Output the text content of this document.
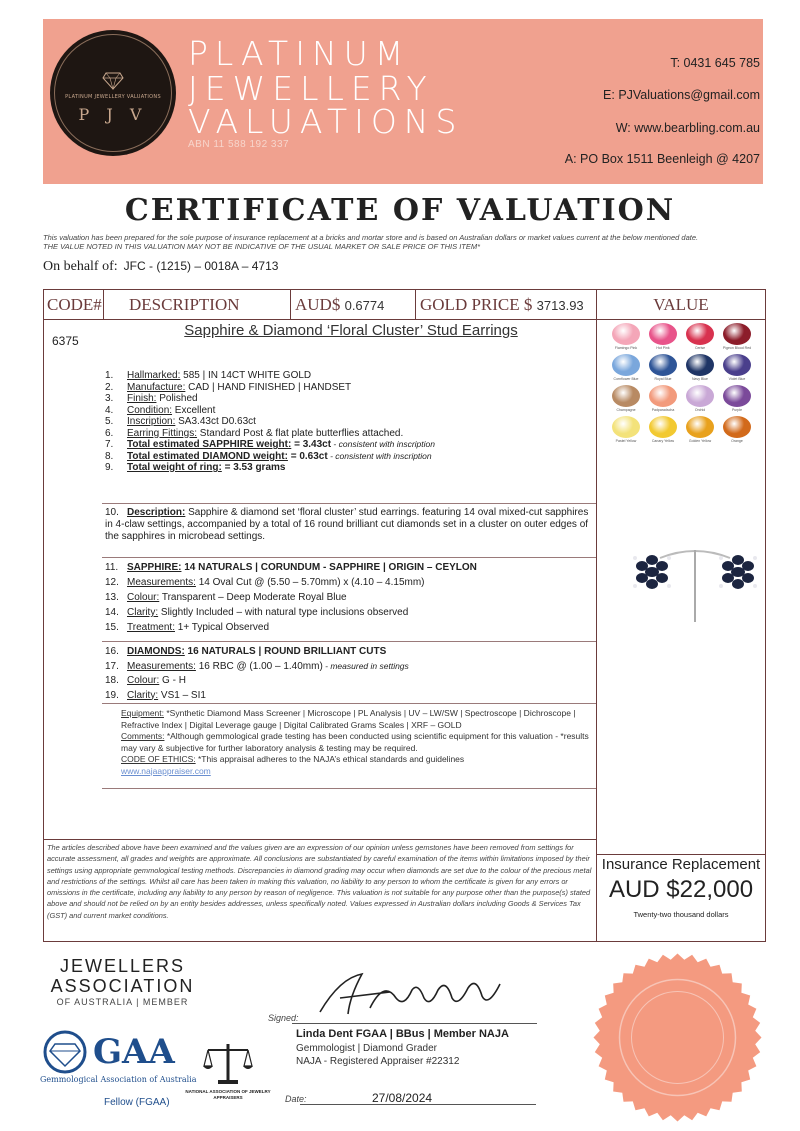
PLATINUM JEWELLERY VALUATIONS
P J V
PLATINUM
JEWELLERY
VALUATIONS
ABN 11 588 192 337
T: 0431 645 785
E: PJValuations@gmail.com
W: www.bearbling.com.au
A: PO Box 1511 Beenleigh @ 4207
CERTIFICATE OF VALUATION
This valuation has been prepared for the sole purpose of insurance replacement at a bricks and mortar store and is based on Australian dollars or market values current at the below mentioned date.
THE VALUE NOTED IN THIS VALUATION MAY NOT BE INDICATIVE OF THE USUAL MARKET OR SALE PRICE OF THIS ITEM*
On behalf of: JFC - (1215) – 0018A – 4713
CODE# DESCRIPTION	AUD$ 0.6774 GOLD PRICE $ 3713.93	VALUE
6375
Sapphire & Diamond ‘Floral Cluster’ Stud Earrings
1. Hallmarked: 585 | IN 14CT WHITE GOLD
2. Manufacture: CAD | HAND FINISHED | HANDSET
3. Finish: Polished
4. Condition: Excellent
5. Inscription: SA3.43ct D0.63ct
6. Earring Fittings: Standard Post & flat plate butterflies attached.
7. Total estimated SAPPHIRE weight: = 3.43ct - consistent with inscription
8. Total estimated DIAMOND weight: = 0.63ct - consistent with inscription
9. Total weight of ring: = 3.53 grams
10. Description: Sapphire & diamond set ‘floral cluster’ stud earrings. featuring 14 oval mixed-cut sapphires in 4-claw settings, accompanied by a total of 16 round brilliant cut diamonds set in a cluster on outer edges of the sapphires in microbead settings.
11. SAPPHIRE: 14 NATURALS | CORUNDUM - SAPPHIRE | ORIGIN – CEYLON
12. Measurements: 14 Oval Cut @ (5.50 – 5.70mm) x (4.10 – 4.15mm)
13. Colour: Transparent – Deep Moderate Royal Blue
14. Clarity: Slightly Included – with natural type inclusions observed
15. Treatment: 1+ Typical Observed
16. DIAMONDS: 16 NATURALS | ROUND BRILLIANT CUTS
17. Measurements: 16 RBC @ (1.00 – 1.40mm) - measured in settings
18. Colour: G - H
19. Clarity: VS1 – SI1
Equipment: *Synthetic Diamond Mass Screener | Microscope | PL Analysis | UV – LW/SW | Spectroscope | Dichroscope | Refractive Index | Digital Leverage gauge | Digital Calibrated Grams Scales | XRF – GOLD
Comments: *Although gemmological grade testing has been conducted using scientific equipment for this valuation - *results may vary & subjective for further laboratory analysis & testing may be required.
CODE OF ETHICS: *This appraisal adheres to the NAJA’s ethical standards and guidelines
www.najaappraiser.com
Flamingo Pink	Hot Pink	Cerise	Pigeon Blood Red
Cornflower Blue	Royal Blue	Navy Blue	Violet Blue
Champagne	Padparadscha	Orchid	Purple
Pastel Yellow	Canary Yellow	Golden Yellow	Orange
The articles described above have been examined and the values given are an expression of our opinion unless gemstones have been removed from settings for accurate assessment, all grades and weights are approximate. All conclusions are substantiated by careful examination of the items within limitations imposed by their settings using appropriate gemmological testing methods. Discrepancies in diamond grading may occur when diamonds are set due to the colour of the precious metal and restrictions of the settings. Whilst all care has been taken in making this valuation, no liability to any person to whom the certificate is given for any errors or omissions in the certificate, including any liability to any person by reason of negligence. This valuation is not suitable for any purpose other than the purpose(s) stated above and should not be relied on by an entity besides addresses, unless specifically noted. Values expressed in Australian dollars including Goods & Services Tax (GST) and current market conditions.
Insurance Replacement
AUD $22,000
Twenty-two thousand dollars
JEWELLERS
ASSOCIATION
OF AUSTRALIA | MEMBER
GAA
Gemmological Association of Australia
Fellow (FGAA)
NATIONAL ASSOCIATION OF JEWELRY APPRAISERS
Signed:
Linda Dent FGAA | BBus | Member NAJA
Gemmologist | Diamond Grader
NAJA - Registered Appraiser #22312
Date:	27/08/2024
